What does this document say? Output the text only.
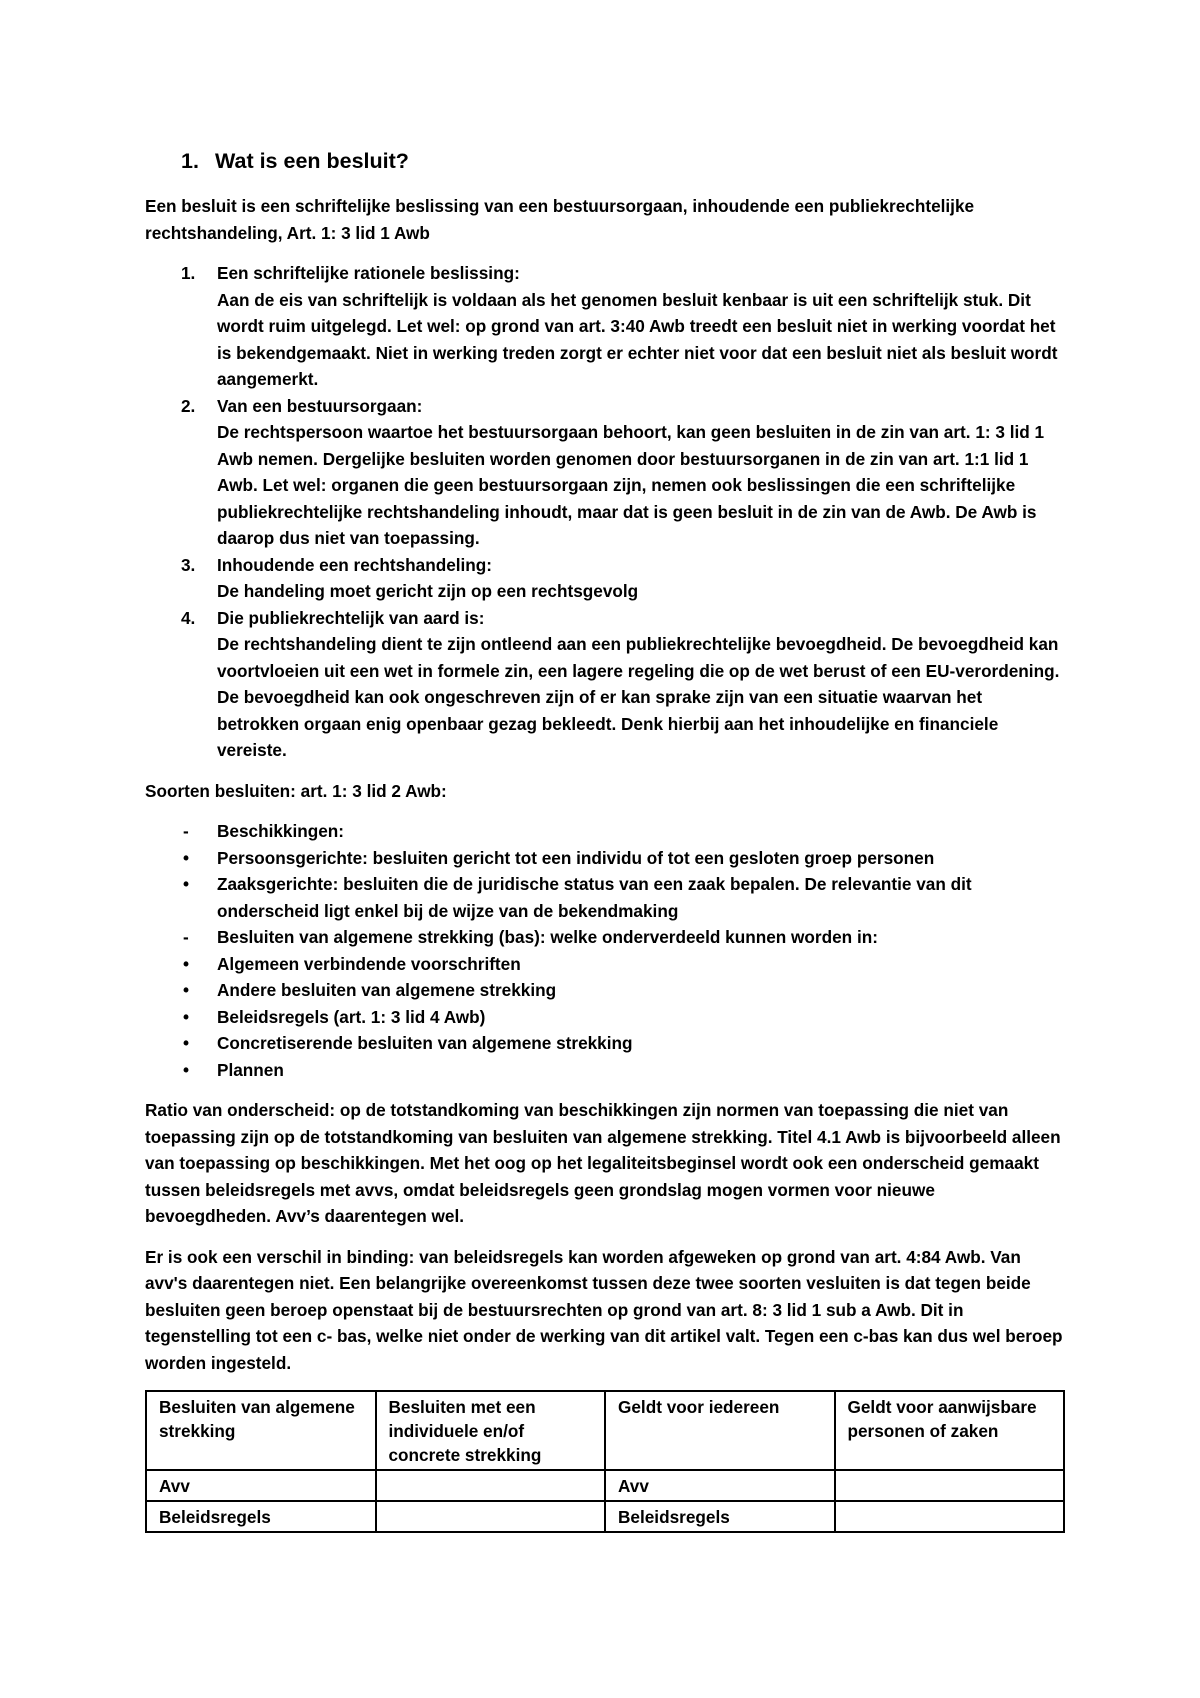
1. Wat is een besluit?

Een besluit is een schriftelijke beslissing van een bestuursorgaan, inhoudende een publiekrechtelijke rechtshandeling, Art. 1: 3 lid 1 Awb

1.	Een schriftelijke rationele beslissing:
Aan de eis van schriftelijk is voldaan als het genomen besluit kenbaar is uit een schriftelijk stuk. Dit wordt ruim uitgelegd. Let wel: op grond van art. 3:40 Awb treedt een besluit niet in werking voordat het is bekendgemaakt. Niet in werking treden zorgt er echter niet voor dat een besluit niet als besluit wordt aangemerkt.
2.	Van een bestuursorgaan:
De rechtspersoon waartoe het bestuursorgaan behoort, kan geen besluiten in de zin van art. 1: 3 lid 1 Awb nemen. Dergelijke besluiten worden genomen door bestuursorganen in de zin van art. 1:1 lid 1 Awb. Let wel: organen die geen bestuursorgaan zijn, nemen ook beslissingen die een schriftelijke publiekrechtelijke rechtshandeling inhoudt, maar dat is geen besluit in de zin van de Awb. De Awb is daarop dus niet van toepassing.
3.	Inhoudende een rechtshandeling:
De handeling moet gericht zijn op een rechtsgevolg
4.	Die publiekrechtelijk van aard is:
De rechtshandeling dient te zijn ontleend aan een publiekrechtelijke bevoegdheid. De bevoegdheid kan voortvloeien uit een wet in formele zin, een lagere regeling die op de wet berust of een EU-verordening. De bevoegdheid kan ook ongeschreven zijn of er kan sprake zijn van een situatie waarvan het betrokken orgaan enig openbaar gezag bekleedt. Denk hierbij aan het inhoudelijke en financiele vereiste.

Soorten besluiten: art. 1: 3 lid 2 Awb:

-	Beschikkingen:
•	Persoonsgerichte: besluiten gericht tot een individu of tot een gesloten groep personen
•	Zaaksgerichte: besluiten die de juridische status van een zaak bepalen. De relevantie van dit onderscheid ligt enkel bij de wijze van de bekendmaking
-	Besluiten van algemene strekking (bas): welke onderverdeeld kunnen worden in:
•	Algemeen verbindende voorschriften
•	Andere besluiten van algemene strekking
•	Beleidsregels (art. 1: 3 lid 4 Awb)
•	Concretiserende besluiten van algemene strekking
•	Plannen

Ratio van onderscheid: op de totstandkoming van beschikkingen zijn normen van toepassing die niet van toepassing zijn op de totstandkoming van besluiten van algemene strekking. Titel 4.1 Awb is bijvoorbeeld alleen van toepassing op beschikkingen. Met het oog op het legaliteitsbeginsel wordt ook een onderscheid gemaakt tussen beleidsregels met avvs, omdat beleidsregels geen grondslag mogen vormen voor nieuwe bevoegdheden. Avv’s daarentegen wel.

Er is ook een verschil in binding: van beleidsregels kan worden afgeweken op grond van art. 4:84 Awb. Van avv's daarentegen niet. Een belangrijke overeenkomst tussen deze twee soorten vesluiten is dat tegen beide besluiten geen beroep openstaat bij de bestuursrechten op grond van art. 8: 3 lid 1 sub a Awb. Dit in tegenstelling tot een c- bas, welke niet onder de werking van dit artikel valt. Tegen een c-bas kan dus wel beroep worden ingesteld.

Besluiten van algemene strekking	Besluiten met een individuele en/of concrete strekking	Geldt voor iedereen	Geldt voor aanwijsbare personen of zaken
Avv		Avv	
Beleidsregels		Beleidsregels	
